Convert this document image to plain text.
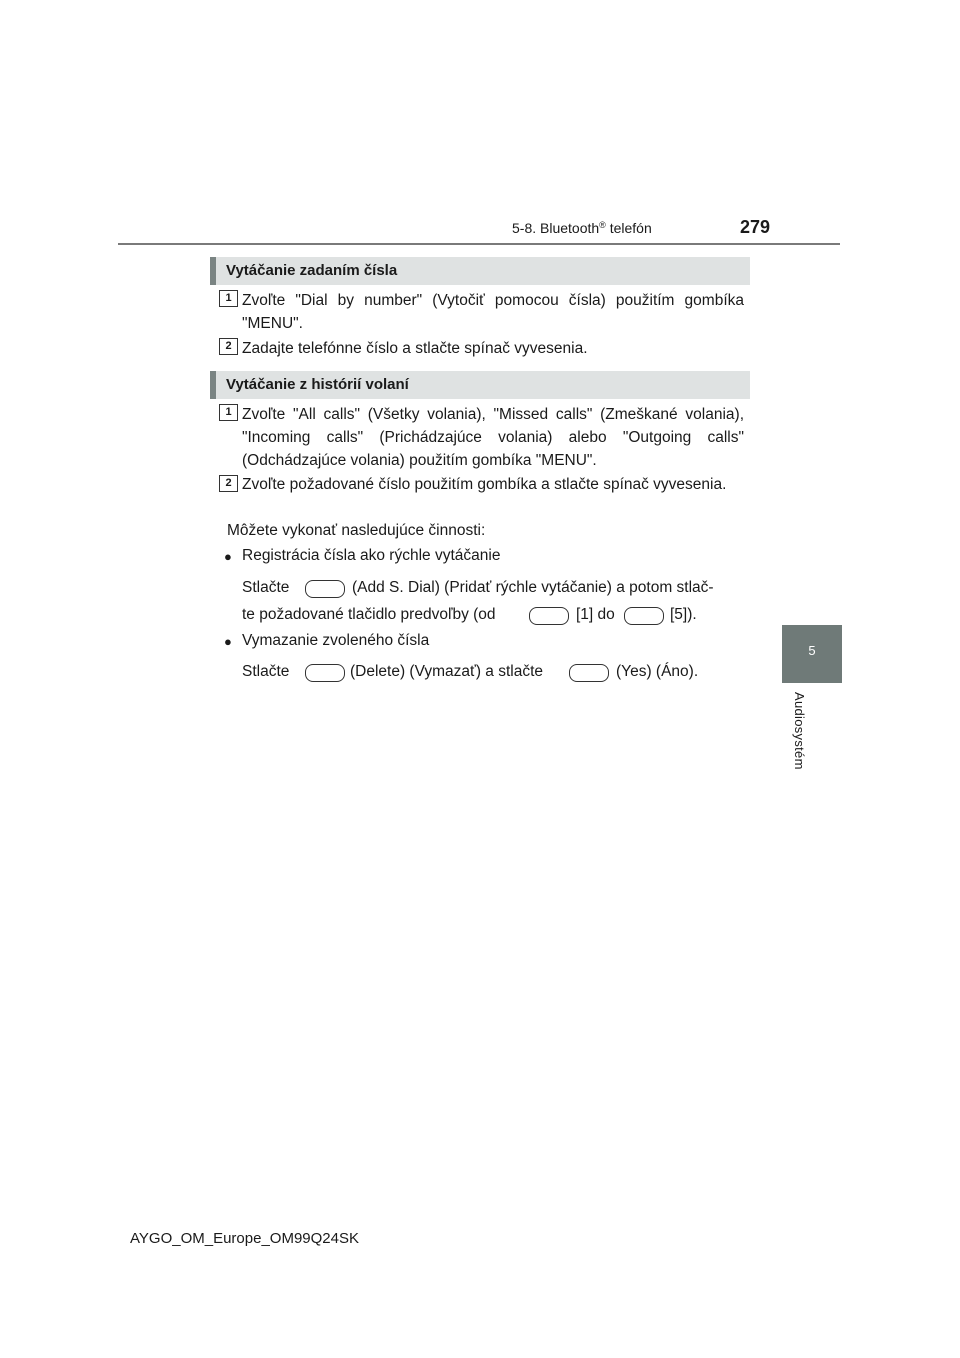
5-8. Bluetooth® telefón	279
5
Audiosystém
Vytáčanie zadaním čísla
1 Zvoľte "Dial by number" (Vytočiť pomocou čísla) použitím gombíka "MENU".
2 Zadajte telefónne číslo a stlačte spínač vyvesenia.
Vytáčanie z histórií volaní
1 Zvoľte "All calls" (Všetky volania), "Missed calls" (Zmeškané volania), "Incoming calls" (Prichádzajúce volania) alebo "Outgoing calls" (Odchádzajúce volania) použitím gombíka "MENU".
2 Zvoľte požadované číslo použitím gombíka a stlačte spínač vyvesenia.
Môžete vykonať nasledujúce činnosti:
● Registrácia čísla ako rýchle vytáčanie
Stlačte	(Add S. Dial) (Pridať rýchle vytáčanie) a potom stlač-
te požadované tlačidlo predvoľby (od	[1] do	[5]).
● Vymazanie zvoleného čísla
Stlačte	(Delete) (Vymazať) a stlačte	(Yes) (Áno).
AYGO_OM_Europe_OM99Q24SK
